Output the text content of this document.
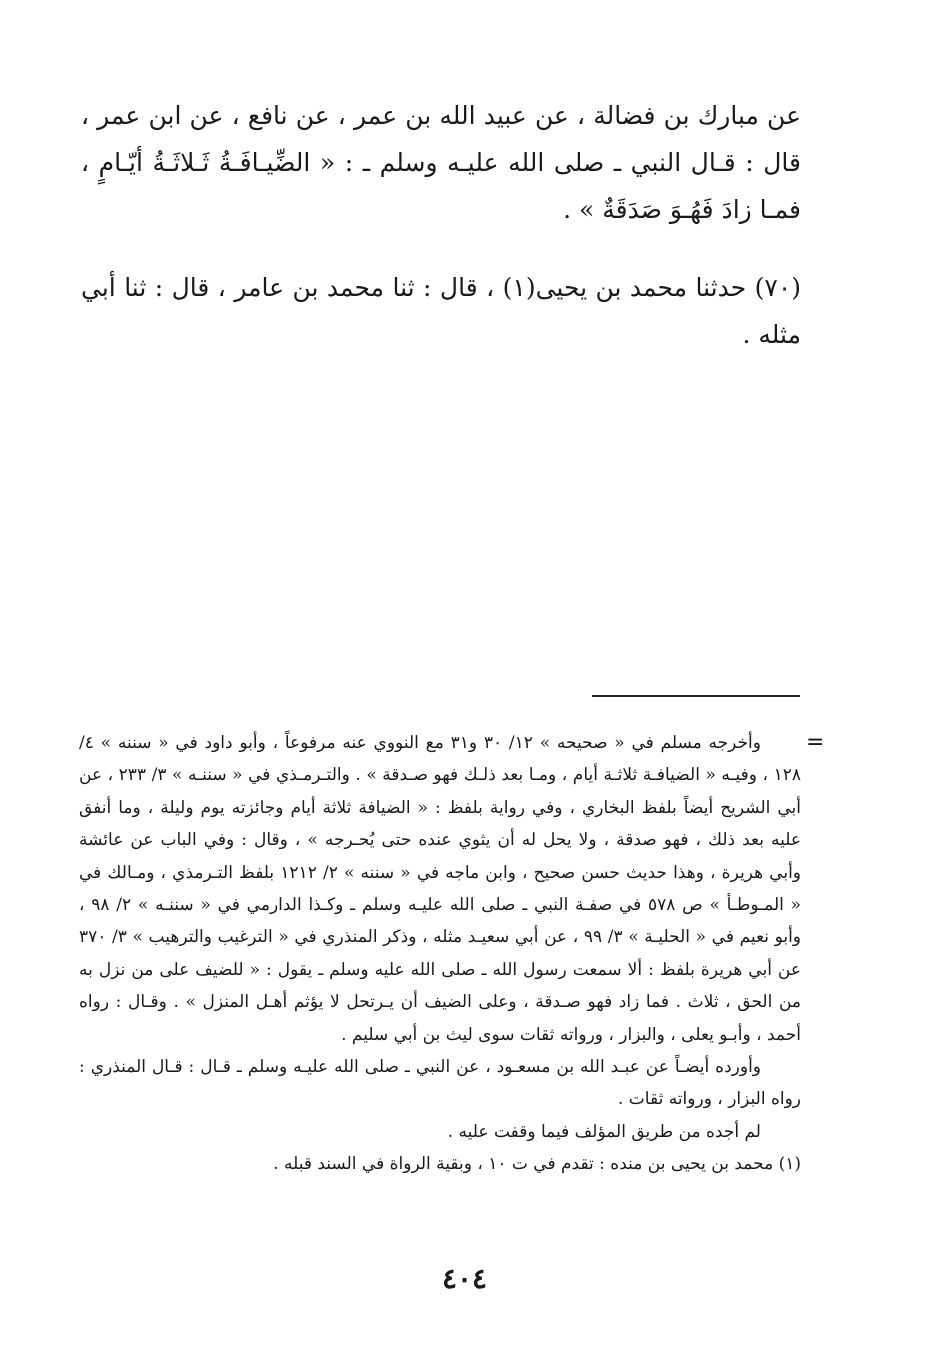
عن مبارك بن فضالة ، عن عبيد الله بن عمر ، عن نافع ، عن ابن عمر ، قال : قـال النبي ـ صلى الله عليـه وسلم ـ : « الضِّيـافَـةُ ثَـلاثَـةُ أيّـامٍ ، فمـا زادَ فَهُـوَ صَدَقَةٌ » .

(٧٠) حدثنا محمد بن يحيى(١) ، قال : ثنا محمد بن عامر ، قال : ثنا أبي مثله .

=

وأخرجه مسلم في « صحيحه » ١٢/ ٣٠ و٣١ مع النووي عنه مرفوعاً ، وأبو داود في « سننه » ٤/ ١٢٨ ، وفيـه « الضيافـة ثلاثـة أيام ، ومـا بعد ذلـك فهو صـدقة » . والتـرمـذي في « سننـه » ٣/ ٢٣٣ ، عن أبي الشريح أيضاً بلفظ البخاري ، وفي رواية بلفظ : « الضيافة ثلاثة أيام وجائزته يوم وليلة ، وما أنفق عليه بعد ذلك ، فهو صدقة ، ولا يحل له أن يثوي عنده حتى يُحـرجه » ، وقال : وفي الباب عن عائشة وأبي هريرة ، وهذا حديث حسن صحيح ، وابن ماجه في « سننه » ٢/ ١٢١٢ بلفظ التـرمذي ، ومـالك في « المـوطـأ » ص ٥٧٨ في صفـة النبي ـ صلى الله عليـه وسلم ـ وكـذا الدارمي في « سننـه » ٢/ ٩٨ ، وأبو نعيم في « الحليـة » ٣/ ٩٩ ، عن أبي سعيـد مثله ، وذكر المنذري في « الترغيب والترهيب » ٣/ ٣٧٠ عن أبي هريرة بلفظ : ألا سمعت رسول الله ـ صلى الله عليه وسلم ـ يقول : « للضيف على من نزل به من الحق ، ثلاث . فما زاد فهو صـدقة ، وعلى الضيف أن يـرتحل لا يؤثم أهـل المنزل » . وقـال : رواه أحمد ، وأبـو يعلى ، والبزار ، ورواته ثقات سوى ليث بن أبي سليم .

وأورده أيضـاً عن عبـد الله بن مسعـود ، عن النبي ـ صلى الله عليـه وسلم ـ قـال : قـال المنذري : رواه البزار ، ورواته ثقات .

لم أجده من طريق المؤلف فيما وقفت عليه .

(١) محمد بن يحيى بن منده : تقدم في ت ١٠ ، وبقية الرواة في السند قبله .

٤٠٤
